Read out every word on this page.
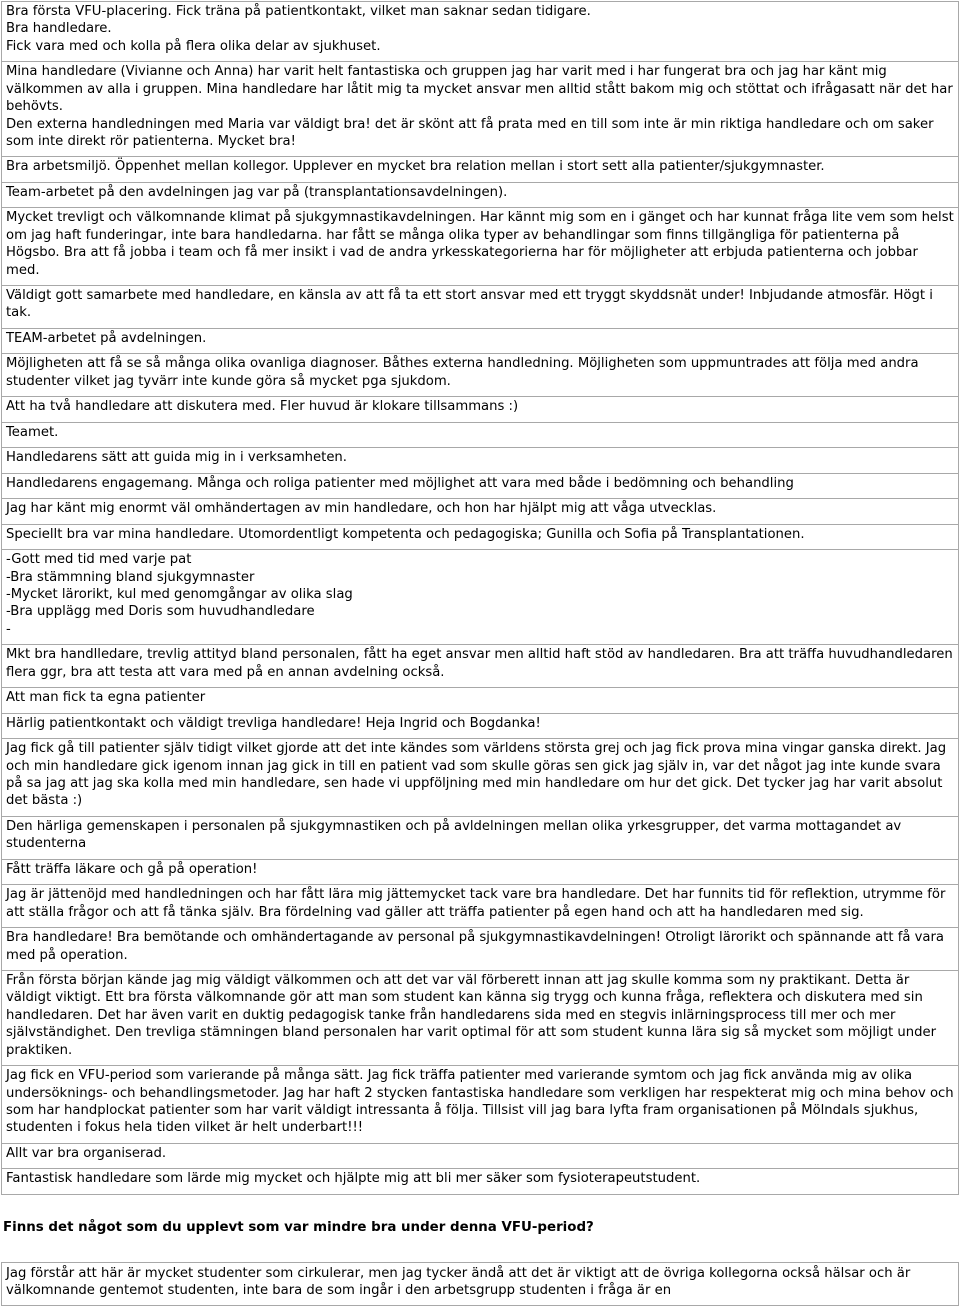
Bra första VFU-placering. Fick träna på patientkontakt, vilket man saknar sedan tidigare.
Bra handledare.
Fick vara med och kolla på flera olika delar av sjukhuset.
Mina handledare (Vivianne och Anna) har varit helt fantastiska och gruppen jag har varit med i har fungerat bra och jag har känt mig välkommen av alla i gruppen. Mina handledare har låtit mig ta mycket ansvar men alltid stått bakom mig och stöttat och ifrågasatt när det har behövts.
Den externa handledningen med Maria var väldigt bra! det är skönt att få prata med en till som inte är min riktiga handledare och om saker som inte direkt rör patienterna. Mycket bra!
Bra arbetsmiljö. Öppenhet mellan kollegor. Upplever en mycket bra relation mellan i stort sett alla patienter/sjukgymnaster.
Team-arbetet på den avdelningen jag var på (transplantationsavdelningen).
Mycket trevligt och välkomnande klimat på sjukgymnastikavdelningen. Har kännt mig som en i gänget och har kunnat fråga lite vem som helst om jag haft funderingar, inte bara handledarna. har fått se många olika typer av behandlingar som finns tillgängliga för patienterna på Högsbo. Bra att få jobba i team och få mer insikt i vad de andra yrkesskategorierna har för möjligheter att erbjuda patienterna och jobbar med.
Väldigt gott samarbete med handledare, en känsla av att få ta ett stort ansvar med ett tryggt skyddsnät under! Inbjudande atmosfär. Högt i tak.
TEAM-arbetet på avdelningen.
Möjligheten att få se så många olika ovanliga diagnoser. Båthes externa handledning. Möjligheten som uppmuntrades att följa med andra studenter vilket jag tyvärr inte kunde göra så mycket pga sjukdom.
Att ha två handledare att diskutera med. Fler huvud är klokare tillsammans :)
Teamet.
Handledarens sätt att guida mig in i verksamheten.
Handledarens engagemang. Många och roliga patienter med möjlighet att vara med både i bedömning och behandling
Jag har känt mig enormt väl omhändertagen av min handledare, och hon har hjälpt mig att våga utvecklas.
Speciellt bra var mina handledare. Utomordentligt kompetenta och pedagogiska; Gunilla och Sofia på Transplantationen.
-Gott med tid med varje pat
-Bra stämmning bland sjukgymnaster
-Mycket lärorikt, kul med genomgångar av olika slag
-Bra upplägg med Doris som huvudhandledare
-
Mkt bra handlledare, trevlig attityd bland personalen, fått ha eget ansvar men alltid haft stöd av handledaren. Bra att träffa huvudhandledaren flera ggr, bra att testa att vara med på en annan avdelning också.
Att man fick ta egna patienter
Härlig patientkontakt och väldigt trevliga handledare! Heja Ingrid och Bogdanka!
Jag fick gå till patienter själv tidigt vilket gjorde att det inte kändes som världens största grej och jag fick prova mina vingar ganska direkt. Jag och min handledare gick igenom innan jag gick in till en patient vad som skulle göras sen gick jag själv in, var det något jag inte kunde svara på sa jag att jag ska kolla med min handledare, sen hade vi uppföljning med min handledare om hur det gick. Det tycker jag har varit absolut det bästa :)
Den härliga gemenskapen i personalen på sjukgymnastiken och på avldelningen mellan olika yrkesgrupper, det varma mottagandet av studenterna
Fått träffa läkare och gå på operation!
Jag är jättenöjd med handledningen och har fått lära mig jättemycket tack vare bra handledare. Det har funnits tid för reflektion, utrymme för att ställa frågor och att få tänka själv. Bra fördelning vad gäller att träffa patienter på egen hand och att ha handledaren med sig.
Bra handledare! Bra bemötande och omhändertagande av personal på sjukgymnastikavdelningen! Otroligt lärorikt och spännande att få vara med på operation.
Från första början kände jag mig väldigt välkommen och att det var väl förberett innan att jag skulle komma som ny praktikant. Detta är väldigt viktigt. Ett bra första välkomnande gör att man som student kan känna sig trygg och kunna fråga, reflektera och diskutera med sin handledaren. Det har även varit en duktig pedagogisk tanke från handledarens sida med en stegvis inlärningsprocess till mer och mer självständighet. Den trevliga stämningen bland personalen har varit optimal för att som student kunna lära sig så mycket som möjligt under praktiken.
Jag fick en VFU-period som varierande på många sätt. Jag fick träffa patienter med varierande symtom och jag fick använda mig av olika undersöknings- och behandlingsmetoder. Jag har haft 2 stycken fantastiska handledare som verkligen har respekterat mig och mina behov och som har handplockat patienter som har varit väldigt intressanta å följa. Tillsist vill jag bara lyfta fram organisationen på Mölndals sjukhus, studenten i fokus hela tiden vilket är helt underbart!!!
Allt var bra organiserad.
Fantastisk handledare som lärde mig mycket och hjälpte mig att bli mer säker som fysioterapeutstudent.
Finns det något som du upplevt som var mindre bra under denna VFU-period?
Jag förstår att här är mycket studenter som cirkulerar, men jag tycker ändå att det är viktigt att de övriga kollegorna också hälsar och är välkomnande gentemot studenten, inte bara de som ingår i den arbetsgrupp studenten i fråga är en
